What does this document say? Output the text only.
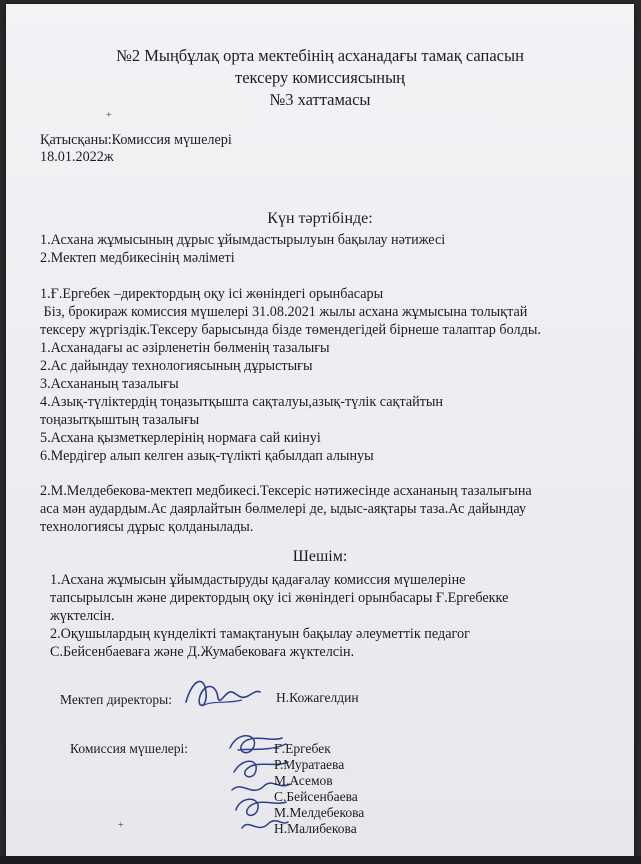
№2 Мыңбұлақ орта мектебінің асханадағы тамақ сапасын
тексеру комиссиясының
№3 хаттамасы
+
Қатысқаны:Комиссия мүшелері
18.01.2022ж
Күн тәртібінде:
1.Асхана жұмысының дұрыс ұйымдастырылуын бақылау нәтижесі
2.Мектеп медбикесінің мәліметі
1.Ғ.Ергебек –директордың оқу ісі жөніндегі орынбасары
Біз, брокираж комиссия мүшелері 31.08.2021 жылы асхана жұмысына толықтай
тексеру жүргіздік.Тексеру барысында бізде төмендегідей бірнеше талаптар болды.
1.Асханадағы ас әзірленетін бөлменің тазалығы
2.Ас дайындау технологиясының дұрыстығы
3.Асхананың тазалығы
4.Азық-түліктердің тоңазытқышта сақталуы,азық-түлік сақтайтын
тоңазытқыштың тазалығы
5.Асхана қызметкерлерінің нормаға сай киінуі
6.Мердігер алып келген азық-түлікті қабылдап алынуы
2.М.Мелдебекова-мектеп медбикесі.Тексеріс нәтижесінде асхананың тазалығына
аса мән аудардым.Ас даярлайтын бөлмелері де, ыдыс-аяқтары таза.Ас дайындау
технологиясы дұрыс қолданылады.
Шешім:
1.Асхана жұмысын ұйымдастыруды қадағалау комиссия мүшелеріне
тапсырылсын және директордың оқу ісі жөніндегі орынбасары Ғ.Ергебекке
жүктелсін.
2.Оқушылардың күнделікті тамақтануын бақылау әлеуметтік педагог
С.Бейсенбаеваға және Д.Жумабековаға жүктелсін.
Мектеп директоры:	Н.Кожагелдин
Комиссия мүшелері:	Ғ.Ергебек
Р.Муратаева
М.Асемов
С.Бейсенбаева
М.Мелдебекова
Н.Малибекова
+
